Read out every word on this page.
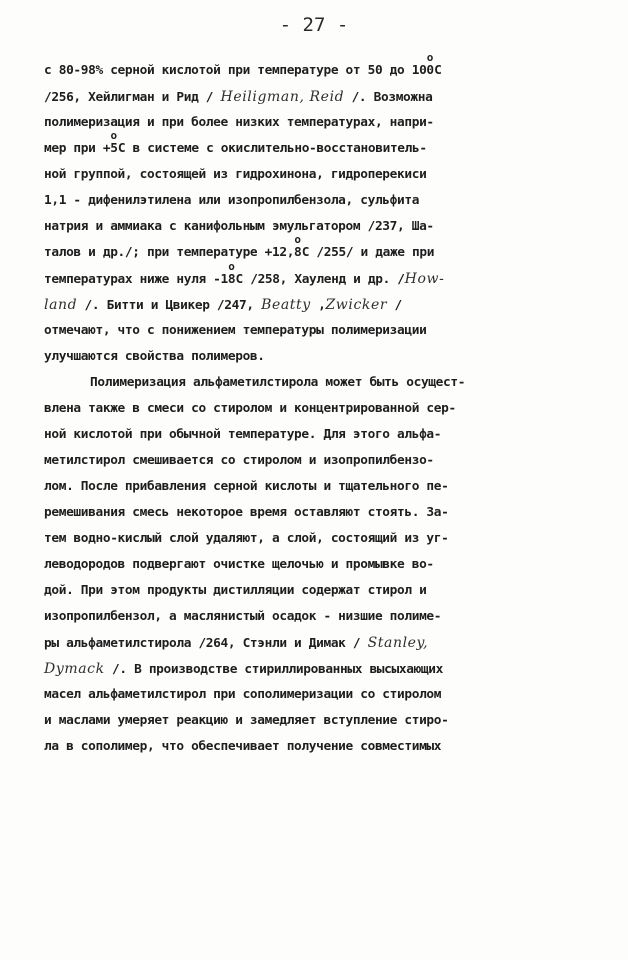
- 27 -
с 80-98% серной кислотой при температуре от 50 до 100oС
/256, Хейлигман и Рид / Heiligman, Reid /. Возможна
полимеризация и при более низких температурах, напри-
мер при +5oС в системе с окислительно-восстановитель-
ной группой, состоящей из гидрохинона, гидроперекиси
1,1 - дифенилэтилена или изопропилбензола, сульфита
натрия и аммиака с канифольным эмульгатором /237, Ша-
талов и др./; при температуре +12,8oС /255/ и даже при
температурах ниже нуля -18oС /258, Хауленд и др. /How-
land /. Битти и Цвикер /247, Beatty ,Zwicker /
отмечают, что с понижением температуры полимеризации
улучшаются свойства полимеров.
Полимеризация альфаметилстирола может быть осущест-
влена также в смеси со стиролом и концентрированной сер-
ной кислотой при обычной температуре. Для этого альфа-
метилстирол смешивается со стиролом и изопропилбензо-
лом. После прибавления серной кислоты и тщательного пе-
ремешивания смесь некоторое время оставляют стоять. За-
тем водно-кислый слой удаляют, а слой, состоящий из уг-
леводородов подвергают очистке щелочью и промывке во-
дой. При этом продукты дистилляции содержат стирол и
изопропилбензол, а маслянистый осадок - низшие полиме-
ры альфаметилстирола /264, Стэнли и Димак / Stanley,
Dymack /. В производстве стириллированных высыхающих
масел альфаметилстирол при сополимеризации со стиролом
и маслами умеряет реакцию и замедляет вступление стиро-
ла в сополимер, что обеспечивает получение совместимых
